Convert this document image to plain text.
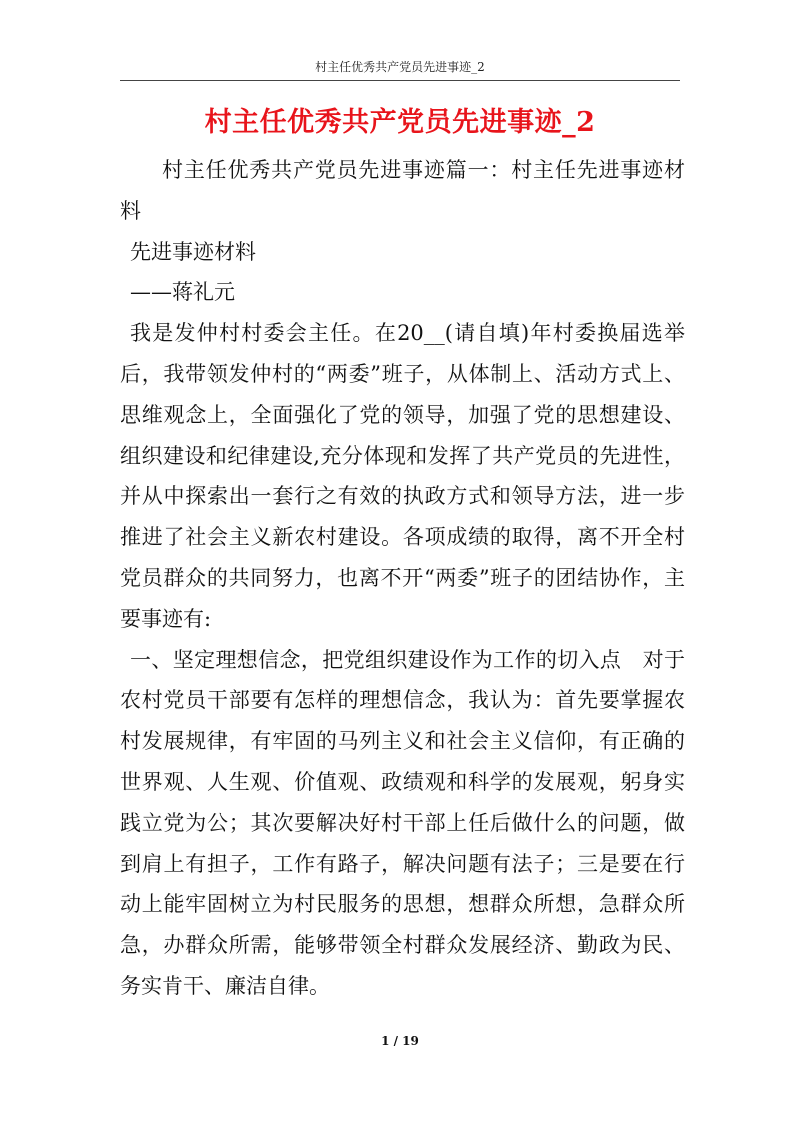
村主任优秀共产党员先进事迹_2
村主任优秀共产党员先进事迹_2

村主任优秀共产党员先进事迹篇一：村主任先进事迹材料

先进事迹材料

——蒋礼元

我是发仲村村委会主任。在20__(请自填)年村委换届选举后，我带领发仲村的“两委”班子，从体制上、活动方式上、思维观念上，全面强化了党的领导，加强了党的思想建设、组织建设和纪律建设,充分体现和发挥了共产党员的先进性，并从中探索出一套行之有效的执政方式和领导方法，进一步推进了社会主义新农村建设。各项成绩的取得，离不开全村党员群众的共同努力，也离不开“两委”班子的团结协作，主要事迹有:

一、坚定理想信念，把党组织建设作为工作的切入点　对于农村党员干部要有怎样的理想信念，我认为：首先要掌握农村发展规律，有牢固的马列主义和社会主义信仰，有正确的世界观、人生观、价值观、政绩观和科学的发展观，躬身实践立党为公；其次要解决好村干部上任后做什么的问题，做到肩上有担子，工作有路子，解决问题有法子；三是要在行动上能牢固树立为村民服务的思想，想群众所想，急群众所急，办群众所需，能够带领全村群众发展经济、勤政为民、务实肯干、廉洁自律。

1 / 19
